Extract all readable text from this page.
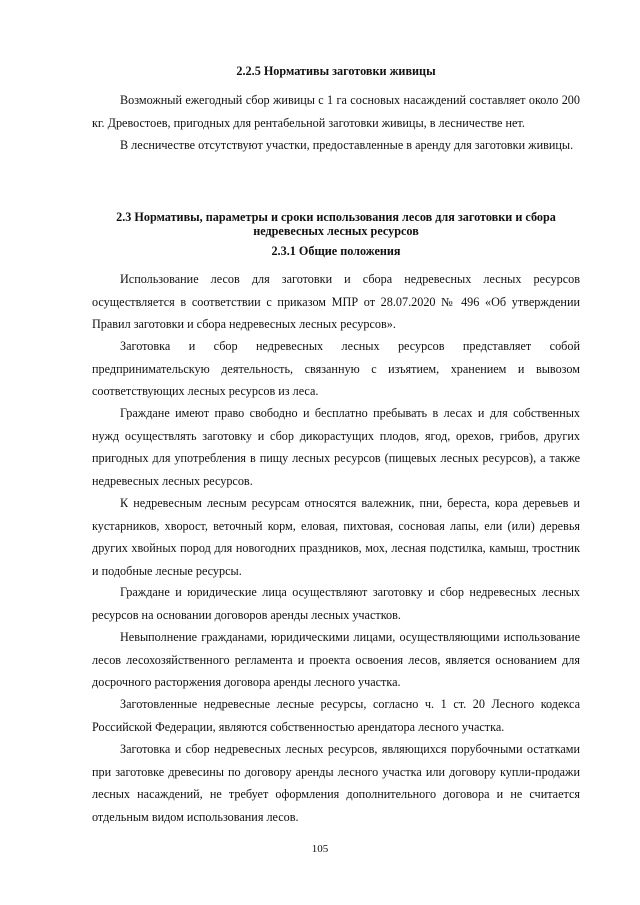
2.2.5 Нормативы заготовки живицы

Возможный ежегодный сбор живицы с 1 га сосновых насаждений составляет около 200 кг. Древостоев, пригодных для рентабельной заготовки живицы, в лесничестве нет.

В лесничестве отсутствуют участки, предоставленные в аренду для заготовки живицы.

2.3 Нормативы, параметры и сроки использования лесов для заготовки и сбора
недревесных лесных ресурсов
2.3.1 Общие положения

Использование лесов для заготовки и сбора недревесных лесных ресурсов осуществляется в соответствии с приказом МПР от 28.07.2020 № 496 «Об утверждении Правил заготовки и сбора недревесных лесных ресурсов».

Заготовка и сбор недревесных лесных ресурсов представляет собой предпринимательскую деятельность, связанную с изъятием, хранением и вывозом соответствующих лесных ресурсов из леса.

Граждане имеют право свободно и бесплатно пребывать в лесах и для собственных нужд осуществлять заготовку и сбор дикорастущих плодов, ягод, орехов, грибов, других пригодных для употребления в пищу лесных ресурсов (пищевых лесных ресурсов), а также недревесных лесных ресурсов.

К недревесным лесным ресурсам относятся валежник, пни, береста, кора деревьев и кустарников, хворост, веточный корм, еловая, пихтовая, сосновая лапы, ели (или) деревья других хвойных пород для новогодних праздников, мох, лесная подстилка, камыш, тростник и подобные лесные ресурсы.

Граждане и юридические лица осуществляют заготовку и сбор недревесных лесных ресурсов на основании договоров аренды лесных участков.

Невыполнение гражданами, юридическими лицами, осуществляющими использование лесов лесохозяйственного регламента и проекта освоения лесов, является основанием для досрочного расторжения договора аренды лесного участка.

Заготовленные недревесные лесные ресурсы, согласно ч. 1 ст. 20 Лесного кодекса Российской Федерации, являются собственностью арендатора лесного участка.

Заготовка и сбор недревесных лесных ресурсов, являющихся порубочными остатками при заготовке древесины по договору аренды лесного участка или договору купли-продажи лесных насаждений, не требует оформления дополнительного договора и не считается отдельным видом использования лесов.

105
